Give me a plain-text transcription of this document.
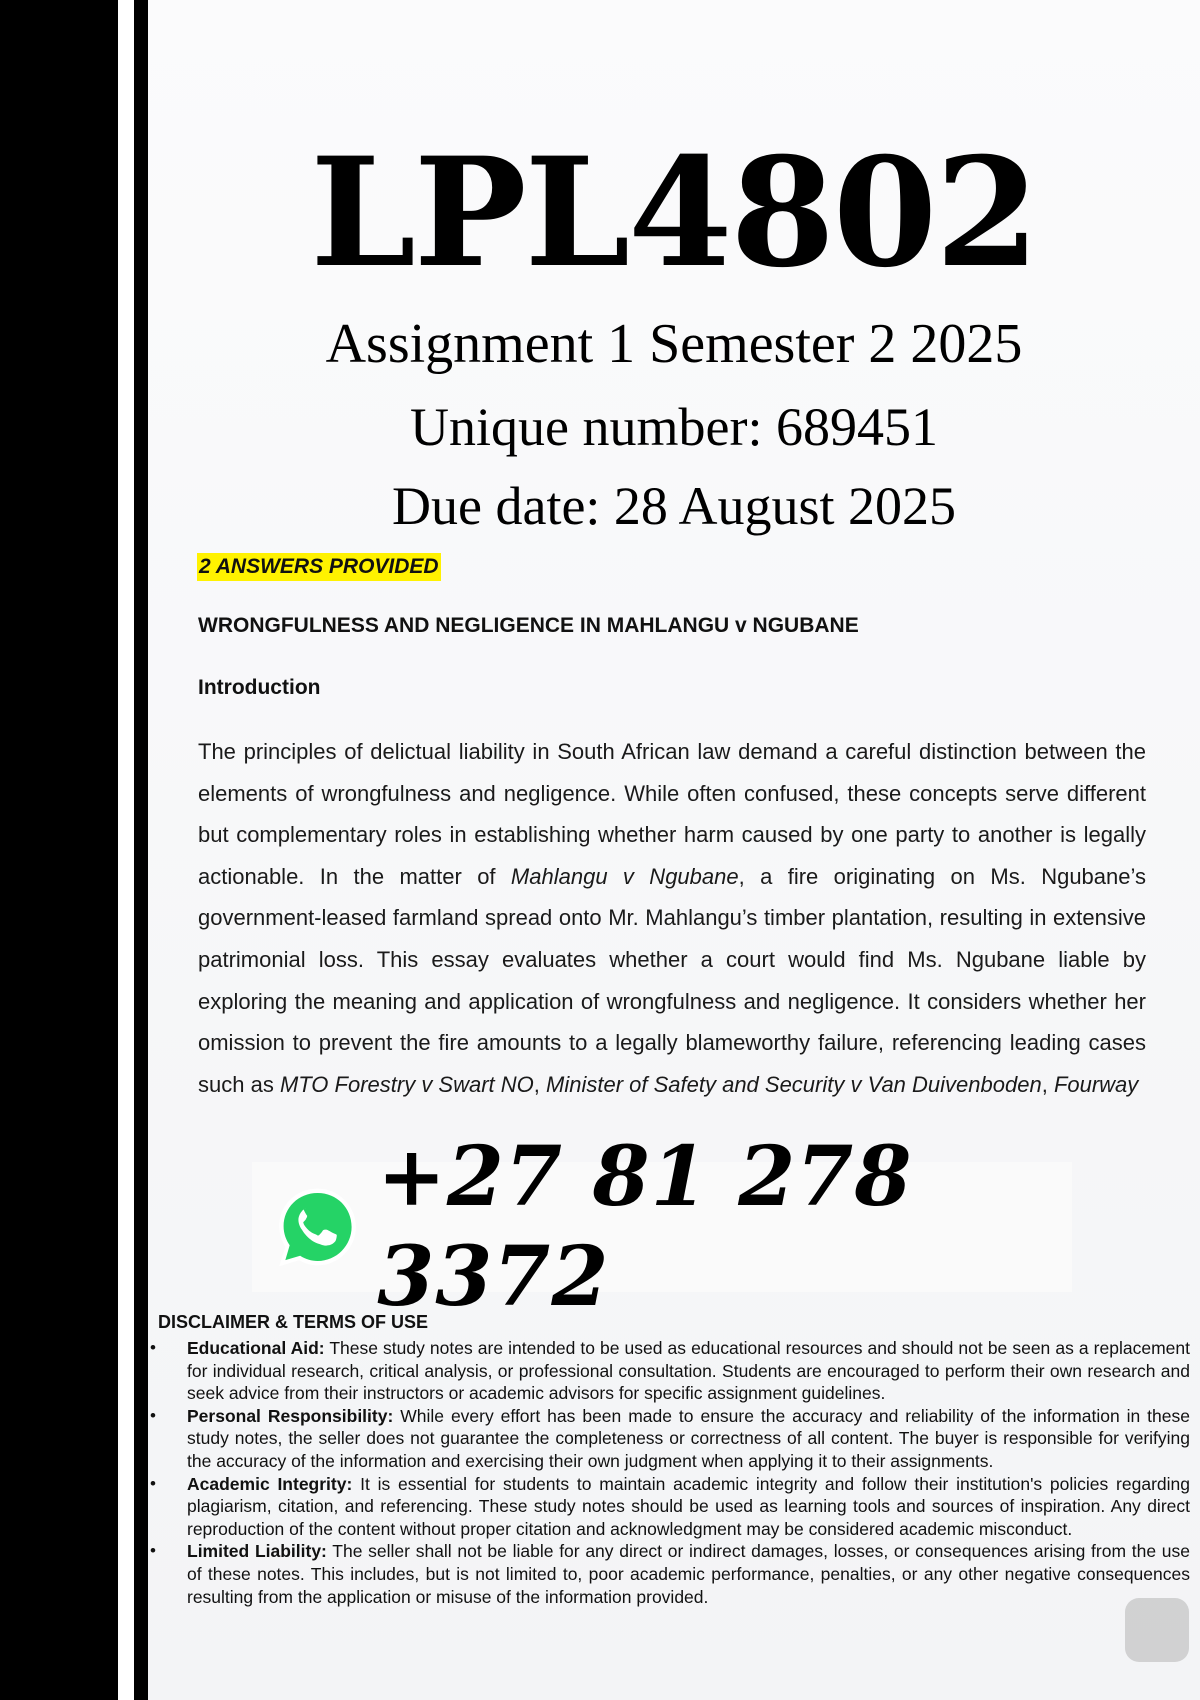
LPL4802
Assignment 1 Semester 2 2025
Unique number: 689451
Due date: 28 August 2025
2 ANSWERS PROVIDED
WRONGFULNESS AND NEGLIGENCE IN MAHLANGU v NGUBANE
Introduction
The principles of delictual liability in South African law demand a careful distinction between the elements of wrongfulness and negligence. While often confused, these concepts serve different but complementary roles in establishing whether harm caused by one party to another is legally actionable. In the matter of Mahlangu v Ngubane, a fire originating on Ms. Ngubane’s government-leased farmland spread onto Mr. Mahlangu’s timber plantation, resulting in extensive patrimonial loss. This essay evaluates whether a court would find Ms. Ngubane liable by exploring the meaning and application of wrongfulness and negligence. It considers whether her omission to prevent the fire amounts to a legally blameworthy failure, referencing leading cases such as MTO Forestry v Swart NO, Minister of Safety and Security v Van Duivenboden, Fourway
+27 81 278 3372
DISCLAIMER & TERMS OF USE
• Educational Aid: These study notes are intended to be used as educational resources and should not be seen as a replacement for individual research, critical analysis, or professional consultation. Students are encouraged to perform their own research and seek advice from their instructors or academic advisors for specific assignment guidelines.
• Personal Responsibility: While every effort has been made to ensure the accuracy and reliability of the information in these study notes, the seller does not guarantee the completeness or correctness of all content. The buyer is responsible for verifying the accuracy of the information and exercising their own judgment when applying it to their assignments.
• Academic Integrity: It is essential for students to maintain academic integrity and follow their institution's policies regarding plagiarism, citation, and referencing. These study notes should be used as learning tools and sources of inspiration. Any direct reproduction of the content without proper citation and acknowledgment may be considered academic misconduct.
• Limited Liability: The seller shall not be liable for any direct or indirect damages, losses, or consequences arising from the use of these notes. This includes, but is not limited to, poor academic performance, penalties, or any other negative consequences resulting from the application or misuse of the information provided.
